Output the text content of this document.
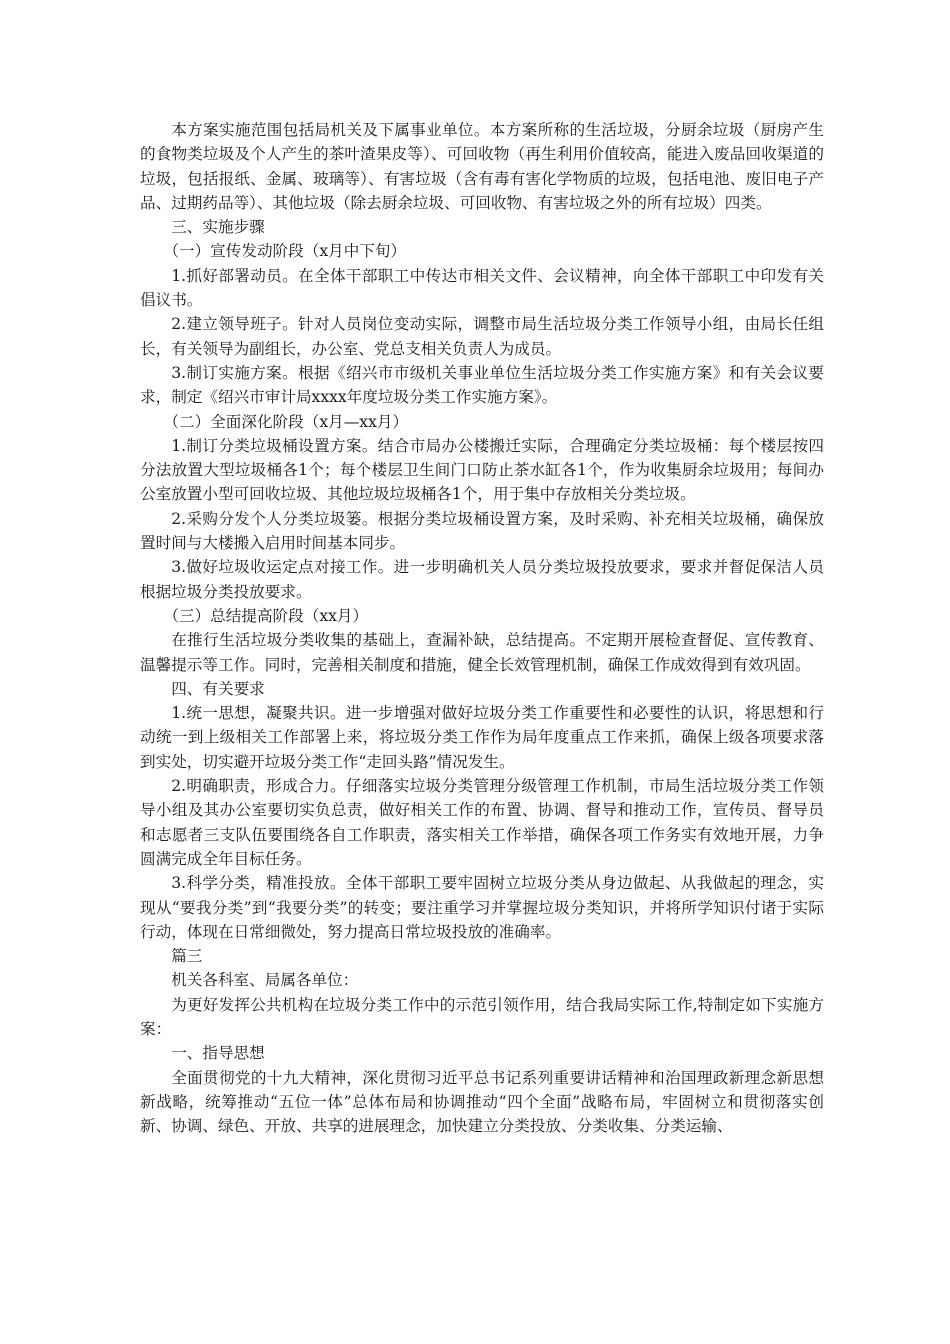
本方案实施范围包括局机关及下属事业单位。本方案所称的生活垃圾，分厨余垃圾（厨房产生的食物类垃圾及个人产生的茶叶渣果皮等）、可回收物（再生利用价值较高，能进入废品回收渠道的垃圾，包括报纸、金属、玻璃等）、有害垃圾（含有毒有害化学物质的垃圾，包括电池、废旧电子产品、过期药品等）、其他垃圾（除去厨余垃圾、可回收物、有害垃圾之外的所有垃圾）四类。

三、实施步骤

（一）宣传发动阶段（x月中下旬）

1.抓好部署动员。在全体干部职工中传达市相关文件、会议精神，向全体干部职工中印发有关倡议书。

2.建立领导班子。针对人员岗位变动实际，调整市局生活垃圾分类工作领导小组，由局长任组长，有关领导为副组长，办公室、党总支相关负责人为成员。

3.制订实施方案。根据《绍兴市市级机关事业单位生活垃圾分类工作实施方案》和有关会议要求，制定《绍兴市审计局xxxx年度垃圾分类工作实施方案》。

（二）全面深化阶段（x月—xx月）

1.制订分类垃圾桶设置方案。结合市局办公楼搬迁实际，合理确定分类垃圾桶：每个楼层按四分法放置大型垃圾桶各1个；每个楼层卫生间门口防止茶水缸各1个，作为收集厨余垃圾用；每间办公室放置小型可回收垃圾、其他垃圾垃圾桶各1个，用于集中存放相关分类垃圾。

2.采购分发个人分类垃圾篓。根据分类垃圾桶设置方案，及时采购、补充相关垃圾桶，确保放置时间与大楼搬入启用时间基本同步。

3.做好垃圾收运定点对接工作。进一步明确机关人员分类垃圾投放要求，要求并督促保洁人员根据垃圾分类投放要求。

（三）总结提高阶段（xx月）

在推行生活垃圾分类收集的基础上，查漏补缺，总结提高。不定期开展检查督促、宣传教育、温馨提示等工作。同时，完善相关制度和措施，健全长效管理机制，确保工作成效得到有效巩固。

四、有关要求

1.统一思想，凝聚共识。进一步增强对做好垃圾分类工作重要性和必要性的认识，将思想和行动统一到上级相关工作部署上来，将垃圾分类工作作为局年度重点工作来抓，确保上级各项要求落到实处，切实避开垃圾分类工作“走回头路”情况发生。

2.明确职责，形成合力。仔细落实垃圾分类管理分级管理工作机制，市局生活垃圾分类工作领导小组及其办公室要切实负总责，做好相关工作的布置、协调、督导和推动工作，宣传员、督导员和志愿者三支队伍要围绕各自工作职责，落实相关工作举措，确保各项工作务实有效地开展，力争圆满完成全年目标任务。

3.科学分类，精准投放。全体干部职工要牢固树立垃圾分类从身边做起、从我做起的理念，实现从“要我分类”到“我要分类”的转变；要注重学习并掌握垃圾分类知识，并将所学知识付诸于实际行动，体现在日常细微处，努力提高日常垃圾投放的准确率。

篇三

机关各科室、局属各单位：

为更好发挥公共机构在垃圾分类工作中的示范引领作用，结合我局实际工作,特制定如下实施方案：

一、指导思想

全面贯彻党的十九大精神，深化贯彻习近平总书记系列重要讲话精神和治国理政新理念新思想新战略，统筹推动“五位一体”总体布局和协调推动“四个全面”战略布局，牢固树立和贯彻落实创新、协调、绿色、开放、共享的进展理念，加快建立分类投放、分类收集、分类运输、
